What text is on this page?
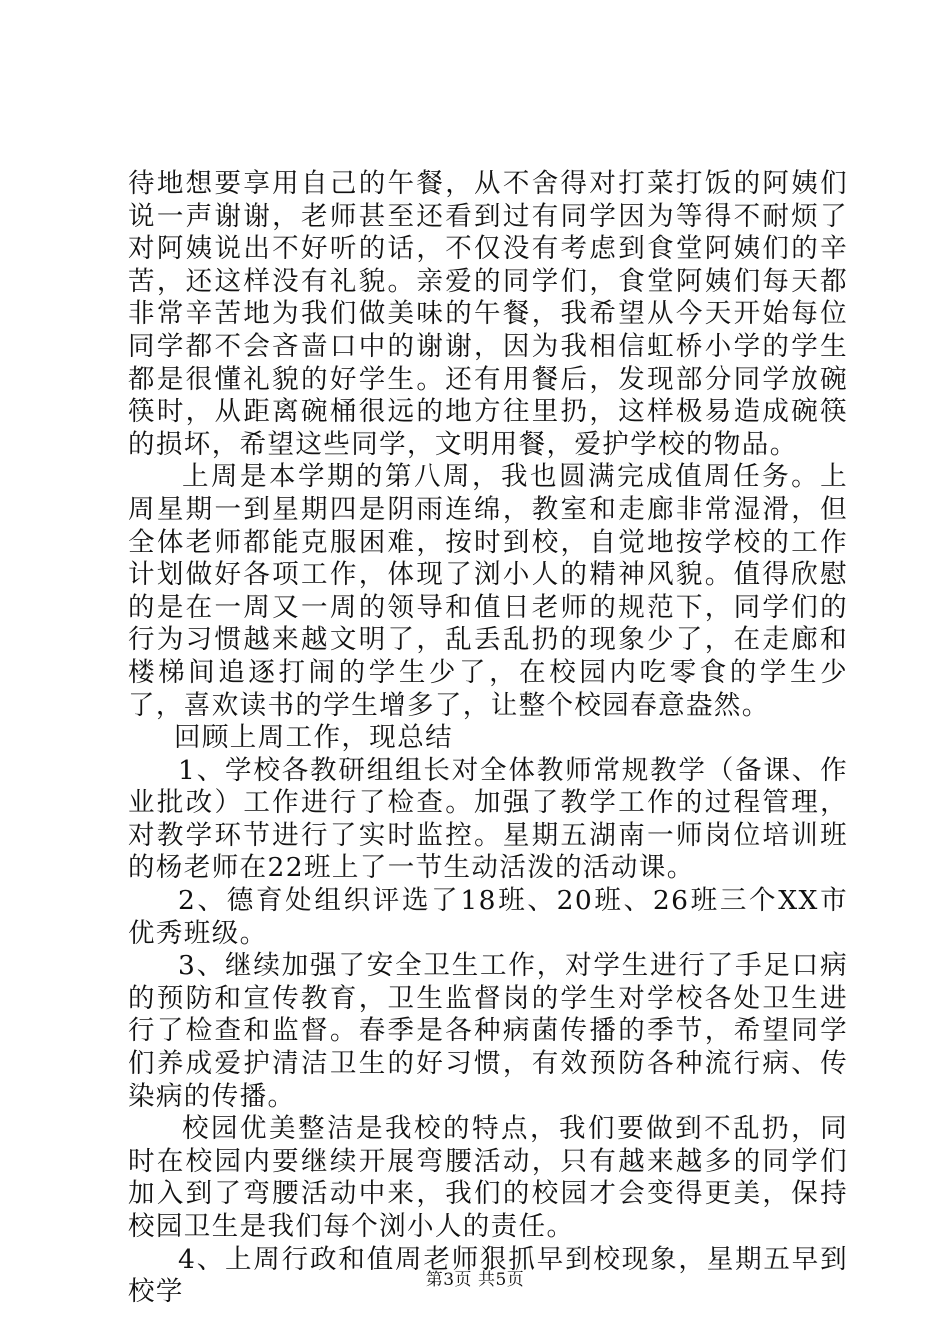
待地想要享用自己的午餐，从不舍得对打菜打饭的阿姨们说一声谢谢，老师甚至还看到过有同学因为等得不耐烦了对阿姨说出不好听的话，不仅没有考虑到食堂阿姨们的辛苦，还这样没有礼貌。亲爱的同学们，食堂阿姨们每天都非常辛苦地为我们做美味的午餐，我希望从今天开始每位同学都不会吝啬口中的谢谢，因为我相信虹桥小学的学生都是很懂礼貌的好学生。还有用餐后，发现部分同学放碗筷时，从距离碗桶很远的地方往里扔，这样极易造成碗筷的损坏，希望这些同学，文明用餐，爱护学校的物品。

上周是本学期的第八周，我也圆满完成值周任务。上周星期一到星期四是阴雨连绵，教室和走廊非常湿滑，但全体老师都能克服困难，按时到校，自觉地按学校的工作计划做好各项工作，体现了浏小人的精神风貌。值得欣慰的是在一周又一周的领导和值日老师的规范下，同学们的行为习惯越来越文明了，乱丢乱扔的现象少了，在走廊和楼梯间追逐打闹的学生少了，在校园内吃零食的学生少了，喜欢读书的学生增多了，让整个校园春意盎然。

回顾上周工作，现总结

1、学校各教研组组长对全体教师常规教学（备课、作业批改）工作进行了检查。加强了教学工作的过程管理，对教学环节进行了实时监控。星期五湖南一师岗位培训班的杨老师在22班上了一节生动活泼的活动课。

2、德育处组织评选了18班、20班、26班三个XX市优秀班级。

3、继续加强了安全卫生工作，对学生进行了手足口病的预防和宣传教育，卫生监督岗的学生对学校各处卫生进行了检查和监督。春季是各种病菌传播的季节，希望同学们养成爱护清洁卫生的好习惯，有效预防各种流行病、传染病的传播。

校园优美整洁是我校的特点，我们要做到不乱扔，同时在校园内要继续开展弯腰活动，只有越来越多的同学们加入到了弯腰活动中来，我们的校园才会变得更美，保持校园卫生是我们每个浏小人的责任。

4、上周行政和值周老师狠抓早到校现象，星期五早到校学	第3页 共5页
